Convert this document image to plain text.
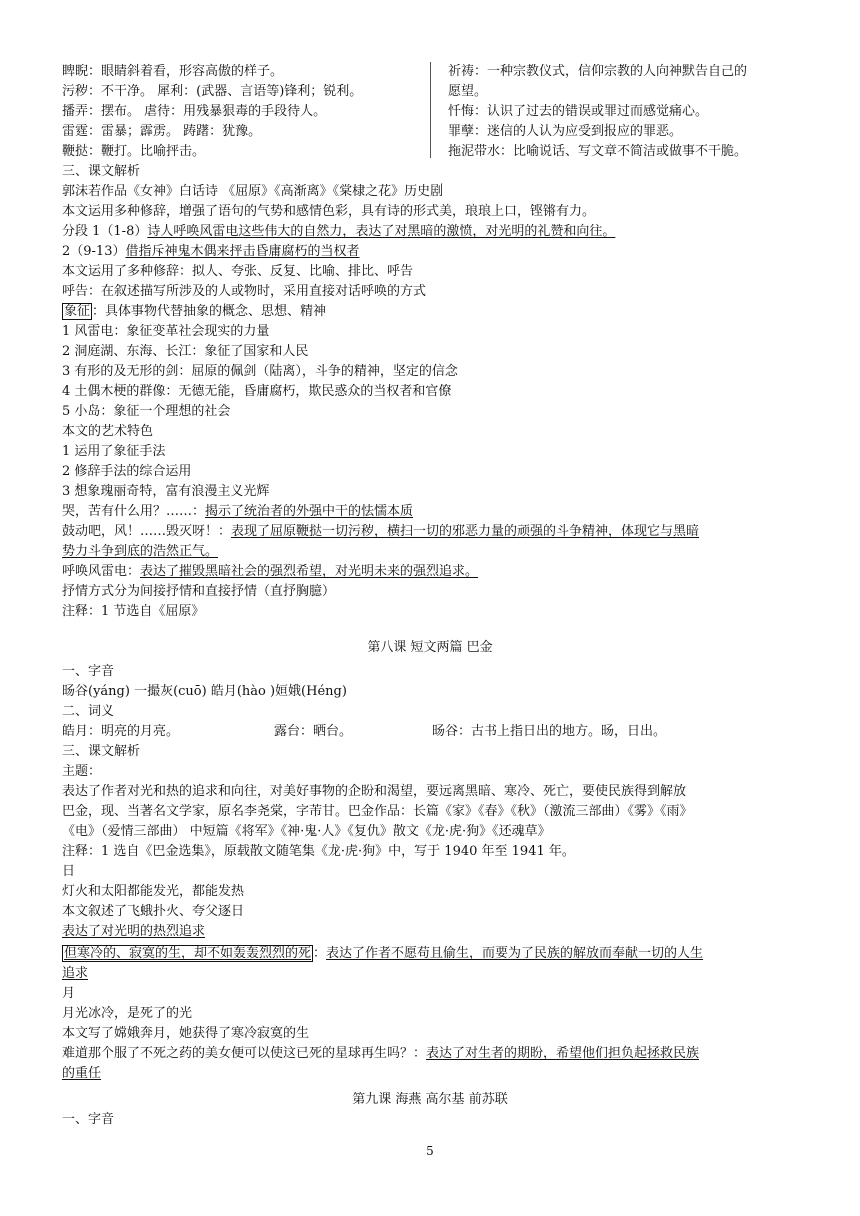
睥睨：眼睛斜着看，形容高傲的样子。
污秽：不干净。 犀利：(武器、言语等)锋利；锐利。
播弄：摆布。 虐待：用残暴狠毒的手段待人。
雷霆：雷暴；霹雳。 踌躇：犹豫。
鞭挞：鞭打。比喻抨击。
祈祷：一种宗教仪式，信仰宗教的人向神默告自己的
愿望。
忏悔：认识了过去的错误或罪过而感觉痛心。
罪孽：迷信的人认为应受到报应的罪恶。
拖泥带水：比喻说话、写文章不简洁或做事不干脆。
三、课文解析
郭沫若作品《女神》白话诗 《屈原》《高渐离》《棠棣之花》历史剧
本文运用多种修辞，增强了语句的气势和感情色彩，具有诗的形式美，琅琅上口，铿锵有力。
分段 1（1-8）诗人呼唤风雷电这些伟大的自然力，表达了对黑暗的激愤，对光明的礼赞和向往。
2（9-13）借指斥神鬼木偶来抨击昏庸腐朽的当权者
本文运用了多种修辞：拟人、夸张、反复、比喻、排比、呼告
呼告：在叙述描写所涉及的人或物时，采用直接对话呼唤的方式
象征 ：具体事物代替抽象的概念、思想、精神
1 风雷电：象征变革社会现实的力量
2 洞庭湖、东海、长江：象征了国家和人民
3 有形的及无形的剑：屈原的佩剑（陆离），斗争的精神，坚定的信念
4 土偶木梗的群像：无德无能，昏庸腐朽，欺民惑众的当权者和官僚
5 小岛：象征一个理想的社会
本文的艺术特色
1 运用了象征手法
2 修辞手法的综合运用
3 想象瑰丽奇特，富有浪漫主义光辉
哭，苦有什么用？……：揭示了统治者的外强中干的怯懦本质
鼓动吧，风！……毁灭呀！：表现了屈原鞭挞一切污秽，横扫一切的邪恶力量的顽强的斗争精神，体现它与黑暗
势力斗争到底的浩然正气。
呼唤风雷电：表达了摧毁黑暗社会的强烈希望，对光明未来的强烈追求。
抒情方式分为间接抒情和直接抒情（直抒胸臆）
注释：1 节选自《屈原》
第八课 短文两篇 巴金
一、字音
旸谷(yáng) 一撮灰(cuō) 皓月(hào )姮娥(Héng)
二、词义
皓月：明亮的月亮。	露台：晒台。	旸谷：古书上指日出的地方。旸，日出。
三、课文解析
主题：
表达了作者对光和热的追求和向往，对美好事物的企盼和渴望，要远离黑暗、寒冷、死亡，要使民族得到解放
巴金，现、当著名文学家，原名李尧棠，字芾甘。巴金作品：长篇《家》《春》《秋》（激流三部曲）《雾》《雨》
《电》（爱情三部曲） 中短篇《将军》《神·鬼·人》《复仇》散文《龙·虎·狗》《还魂草》
注释：1 选自《巴金选集》，原载散文随笔集《龙·虎·狗》中，写于 1940 年至 1941 年。
日
灯火和太阳都能发光，都能发热
本文叙述了飞蛾扑火、夸父逐日
表达了对光明的热烈追求
但寒冷的、寂寞的生，却不如轰轰烈烈的死 ：表达了作者不愿苟且偷生，而要为了民族的解放而奉献一切的人生
追求
月
月光冰冷，是死了的光
本文写了嫦娥奔月，她获得了寒冷寂寞的生
难道那个服了不死之药的美女便可以使这已死的星球再生吗？：表达了对生者的期盼，希望他们担负起拯救民族
的重任
第九课 海燕 高尔基 前苏联
一、字音
5
